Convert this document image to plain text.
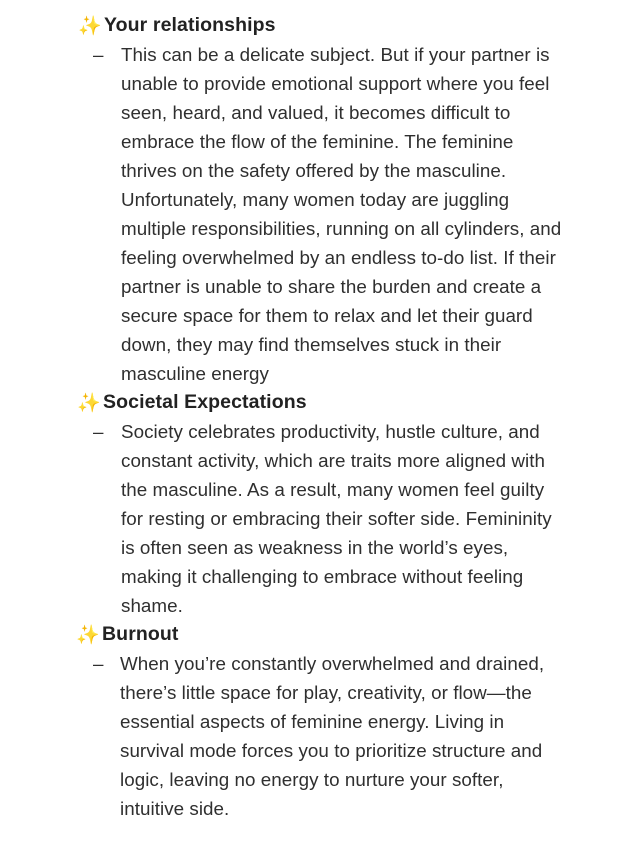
✨ Your relationships
– This can be a delicate subject. But if your partner is unable to provide emotional support where you feel seen, heard, and valued, it becomes difficult to embrace the flow of the feminine. The feminine thrives on the safety offered by the masculine. Unfortunately, many women today are juggling multiple responsibilities, running on all cylinders, and feeling overwhelmed by an endless to-do list. If their partner is unable to share the burden and create a secure space for them to relax and let their guard down, they may find themselves stuck in their masculine energy
✨ Societal Expectations
– Society celebrates productivity, hustle culture, and constant activity, which are traits more aligned with the masculine. As a result, many women feel guilty for resting or embracing their softer side. Femininity is often seen as weakness in the world’s eyes, making it challenging to embrace without feeling shame.
✨ Burnout
– When you’re constantly overwhelmed and drained, there’s little space for play, creativity, or flow—the essential aspects of feminine energy. Living in survival mode forces you to prioritize structure and logic, leaving no energy to nurture your softer, intuitive side.
